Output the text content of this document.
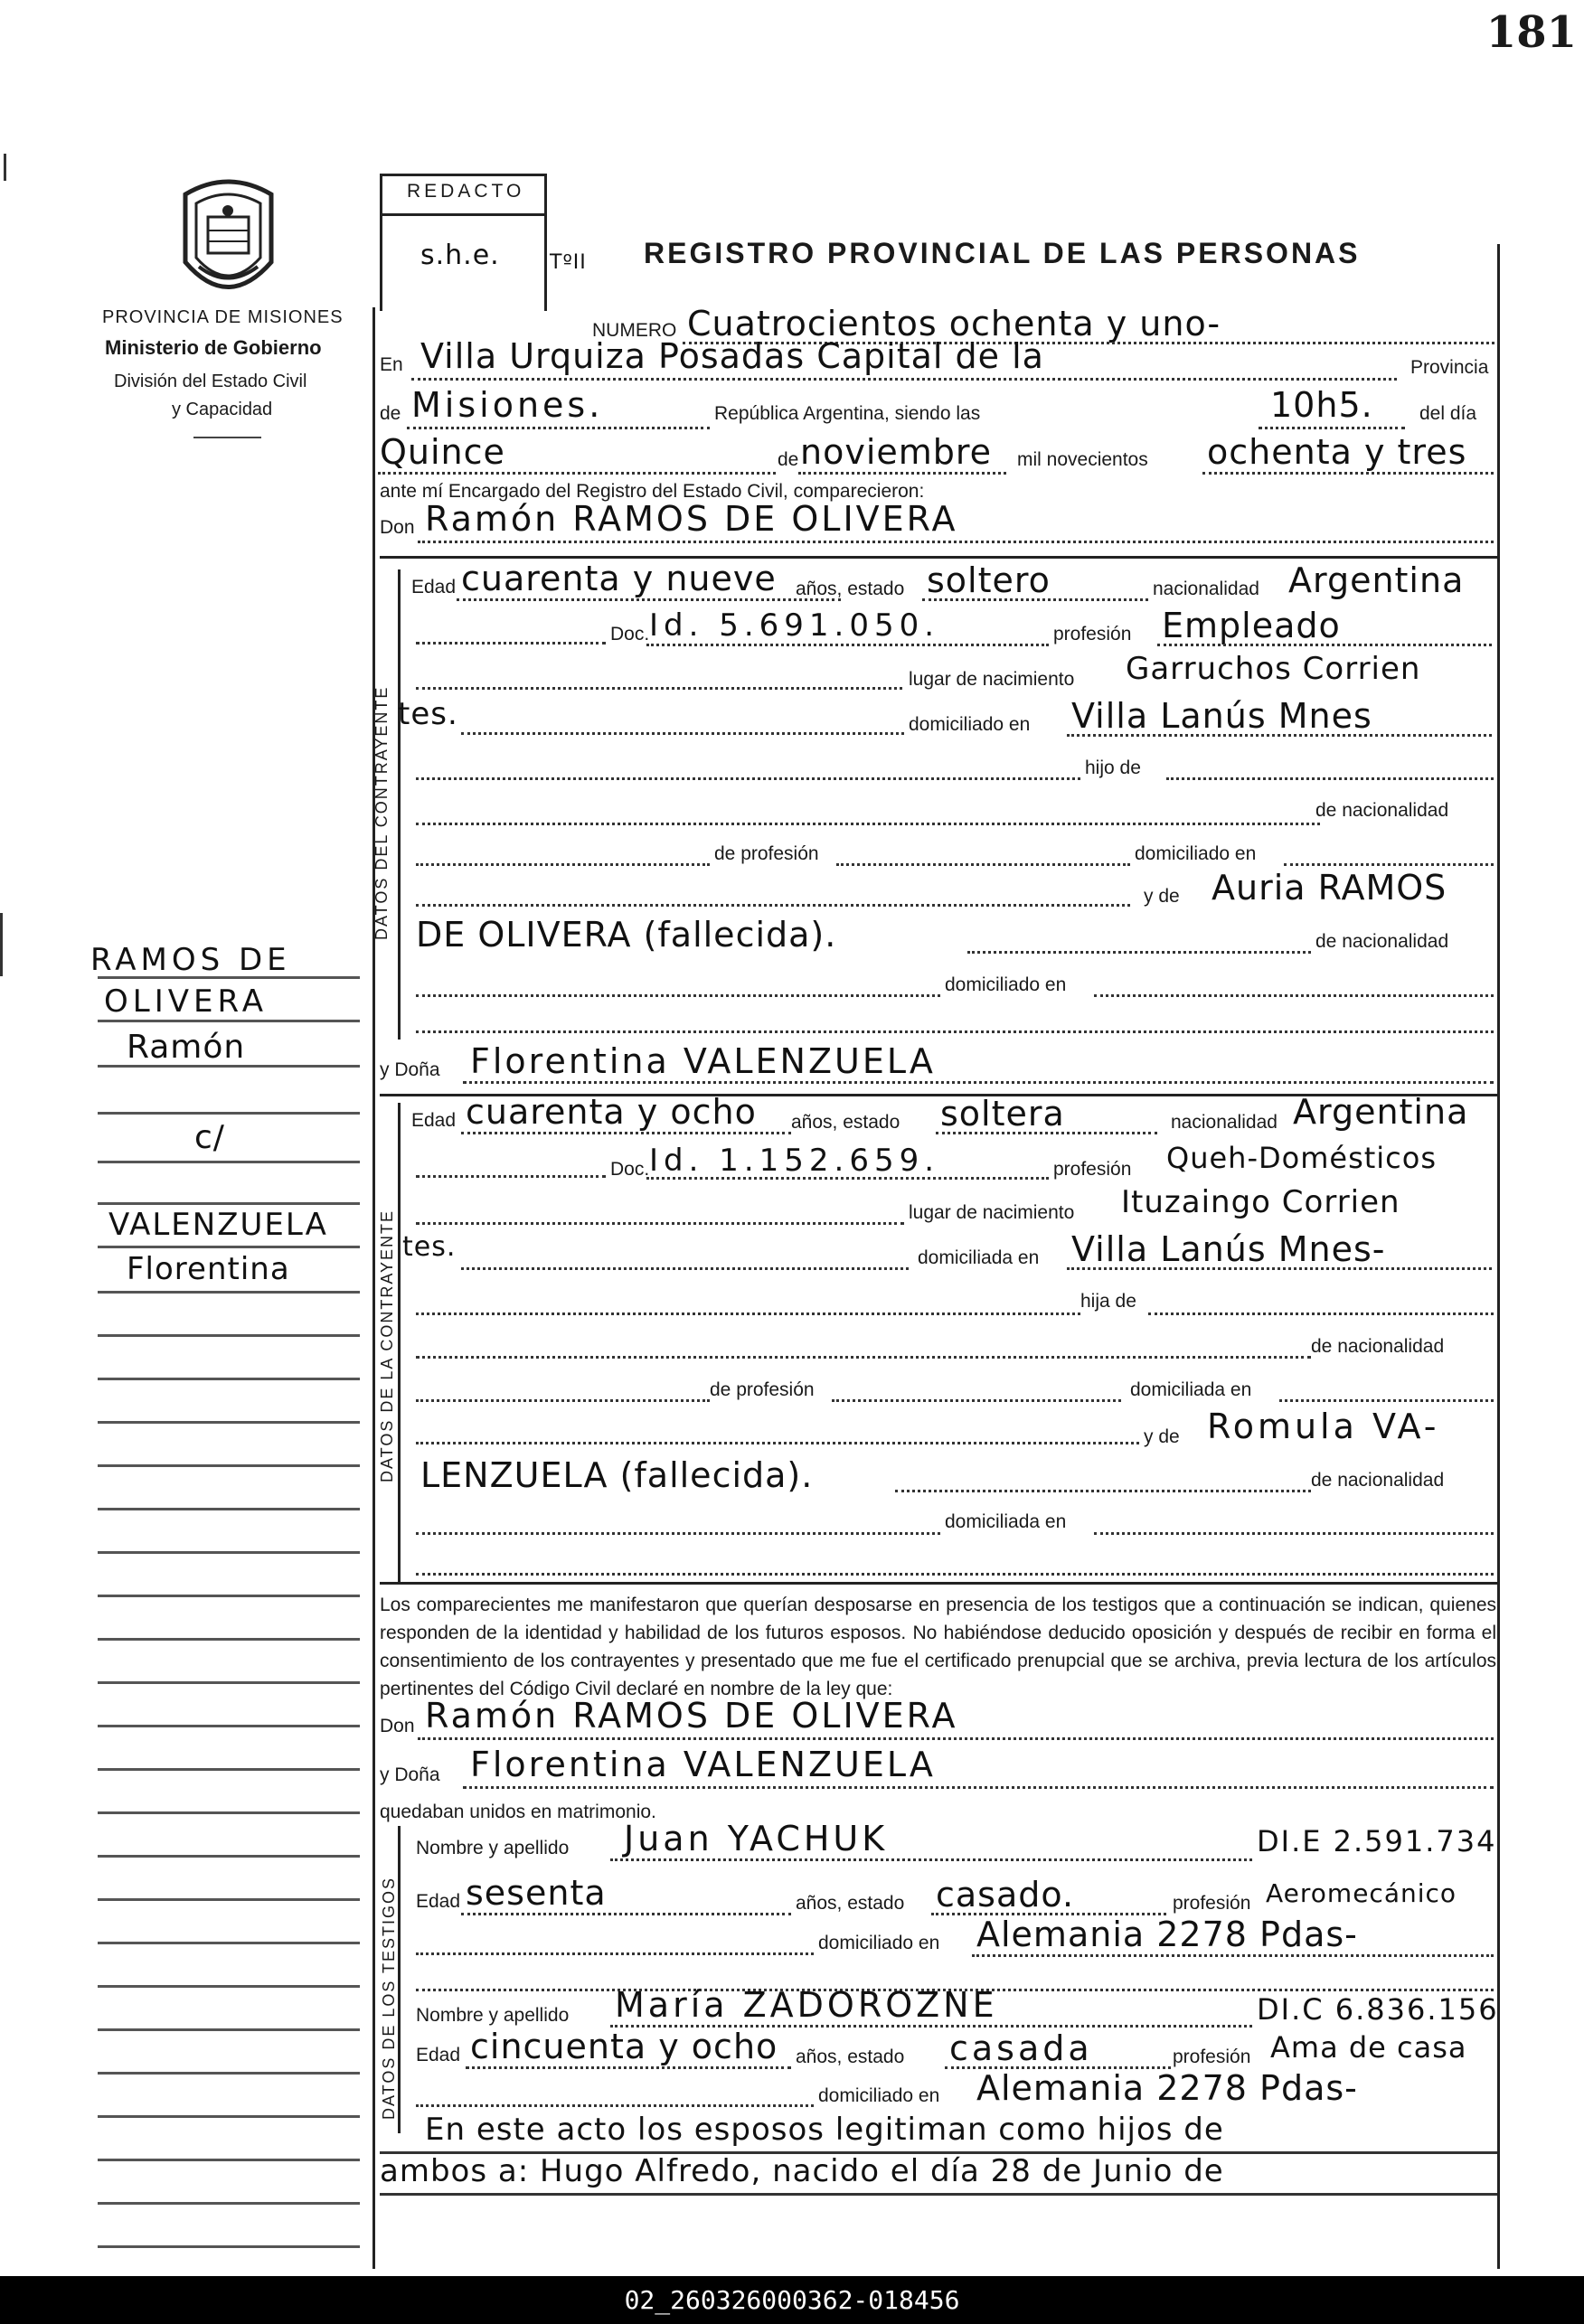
181
PROVINCIA DE MISIONES
Ministerio de Gobierno
División del Estado Civil
y Capacidad
REDACTO
s.h.e.	TºII REGISTRO PROVINCIAL DE LAS PERSONAS
NUMERO Cuatrocientos ochenta y uno-
En Villa Urquiza Posadas Capital de la	Provincia
de Misiones.	República Argentina, siendo las	10h5. del día
Quince	de noviembre mil novecientos ochenta y tres
ante mí Encargado del Registro del Estado Civil, comparecieron:
Don Ramón RAMOS DE OLIVERA
DATOS DEL CONTRAYENTE
Edad cuarenta y nueve años, estado soltero	nacionalidad Argentina
Doc. Id. 5.691.050.	profesión Empleado
lugar de nacimiento Garruchos Corrien
tes.	domiciliado en Villa Lanús Mnes
hijo de
de nacionalidad
de profesión	domiciliado en
y de Auria RAMOS
DE OLIVERA (fallecida).	de nacionalidad
domiciliado en
y Doña Florentina VALENZUELA
DATOS DE LA CONTRAYENTE
Edad cuarenta y ocho años, estado soltera	nacionalidad Argentina
Doc. Id. 1.152.659.	profesión Queh-Domésticos
lugar de nacimiento Ituzaingo Corrien
tes.	domiciliada en Villa Lanús Mnes-
hija de
de nacionalidad
de profesión	domiciliada en
y de Romula VA-
LENZUELA (fallecida).	de nacionalidad
domiciliada en
RAMOS DE
OLIVERA
Ramón
c/
VALENZUELA
Florentina
Los comparecientes me manifestaron que querían desposarse en presencia de los testigos que a continuación se indican, quienes responden de la identidad y habilidad de los futuros esposos. No habiéndose deducido oposición y después de recibir en forma el consentimiento de los contrayentes y presentado que me fue el certificado prenupcial que se archiva, previa lectura de los artículos pertinentes del Código Civil declaré en nombre de la ley que:
Don Ramón RAMOS DE OLIVERA
y Doña Florentina VALENZUELA
quedaban unidos en matrimonio.
DATOS DE LOS TESTIGOS
Nombre y apellido Juan YACHUK	DI.E 2.591.734
Edad sesenta	años, estado casado.	profesión Aeromecánico
domiciliado en Alemania 2278 Pdas-
Nombre y apellido María ZADOROZNE	DI.C 6.836.156
Edad cincuenta y ocho años, estado casada	profesión Ama de casa
domiciliado en Alemania 2278 Pdas-
En este acto los esposos legitiman como hijos de
ambos a: Hugo Alfredo, nacido el día 28 de Junio de
02_260326000362-018456
